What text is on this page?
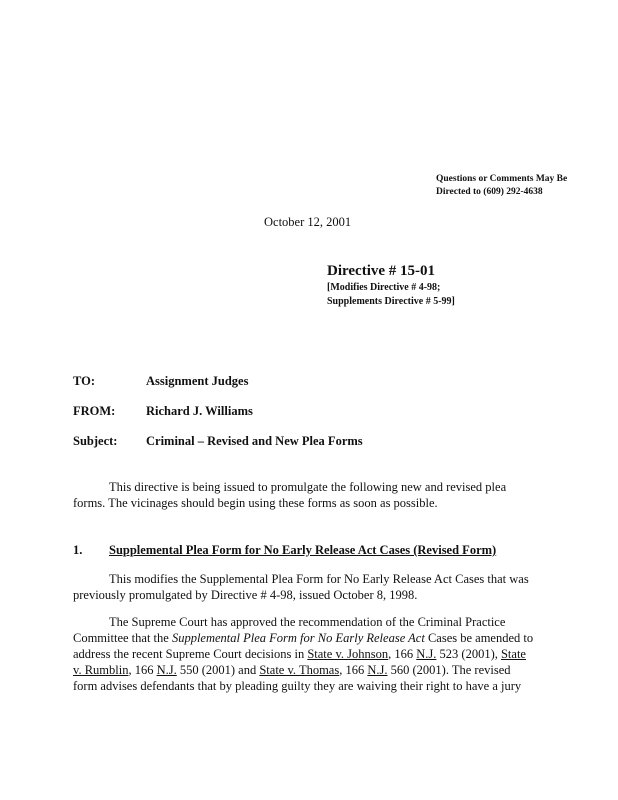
Questions or Comments May Be
Directed to (609) 292-4638
October 12, 2001
Directive # 15-01
[Modifies Directive # 4-98;
Supplements Directive # 5-99]
TO:	Assignment Judges
FROM: Richard J. Williams
Subject: Criminal – Revised and New Plea Forms
This directive is being issued to promulgate the following new and revised plea
forms. The vicinages should begin using these forms as soon as possible.
1. Supplemental Plea Form for No Early Release Act Cases (Revised Form)
This modifies the Supplemental Plea Form for No Early Release Act Cases that was
previously promulgated by Directive # 4-98, issued October 8, 1998.
The Supreme Court has approved the recommendation of the Criminal Practice
Committee that the Supplemental Plea Form for No Early Release Act Cases be amended to
address the recent Supreme Court decisions in State v. Johnson, 166 N.J. 523 (2001), State
v. Rumblin, 166 N.J. 550 (2001) and State v. Thomas, 166 N.J. 560 (2001). The revised
form advises defendants that by pleading guilty they are waiving their right to have a jury
